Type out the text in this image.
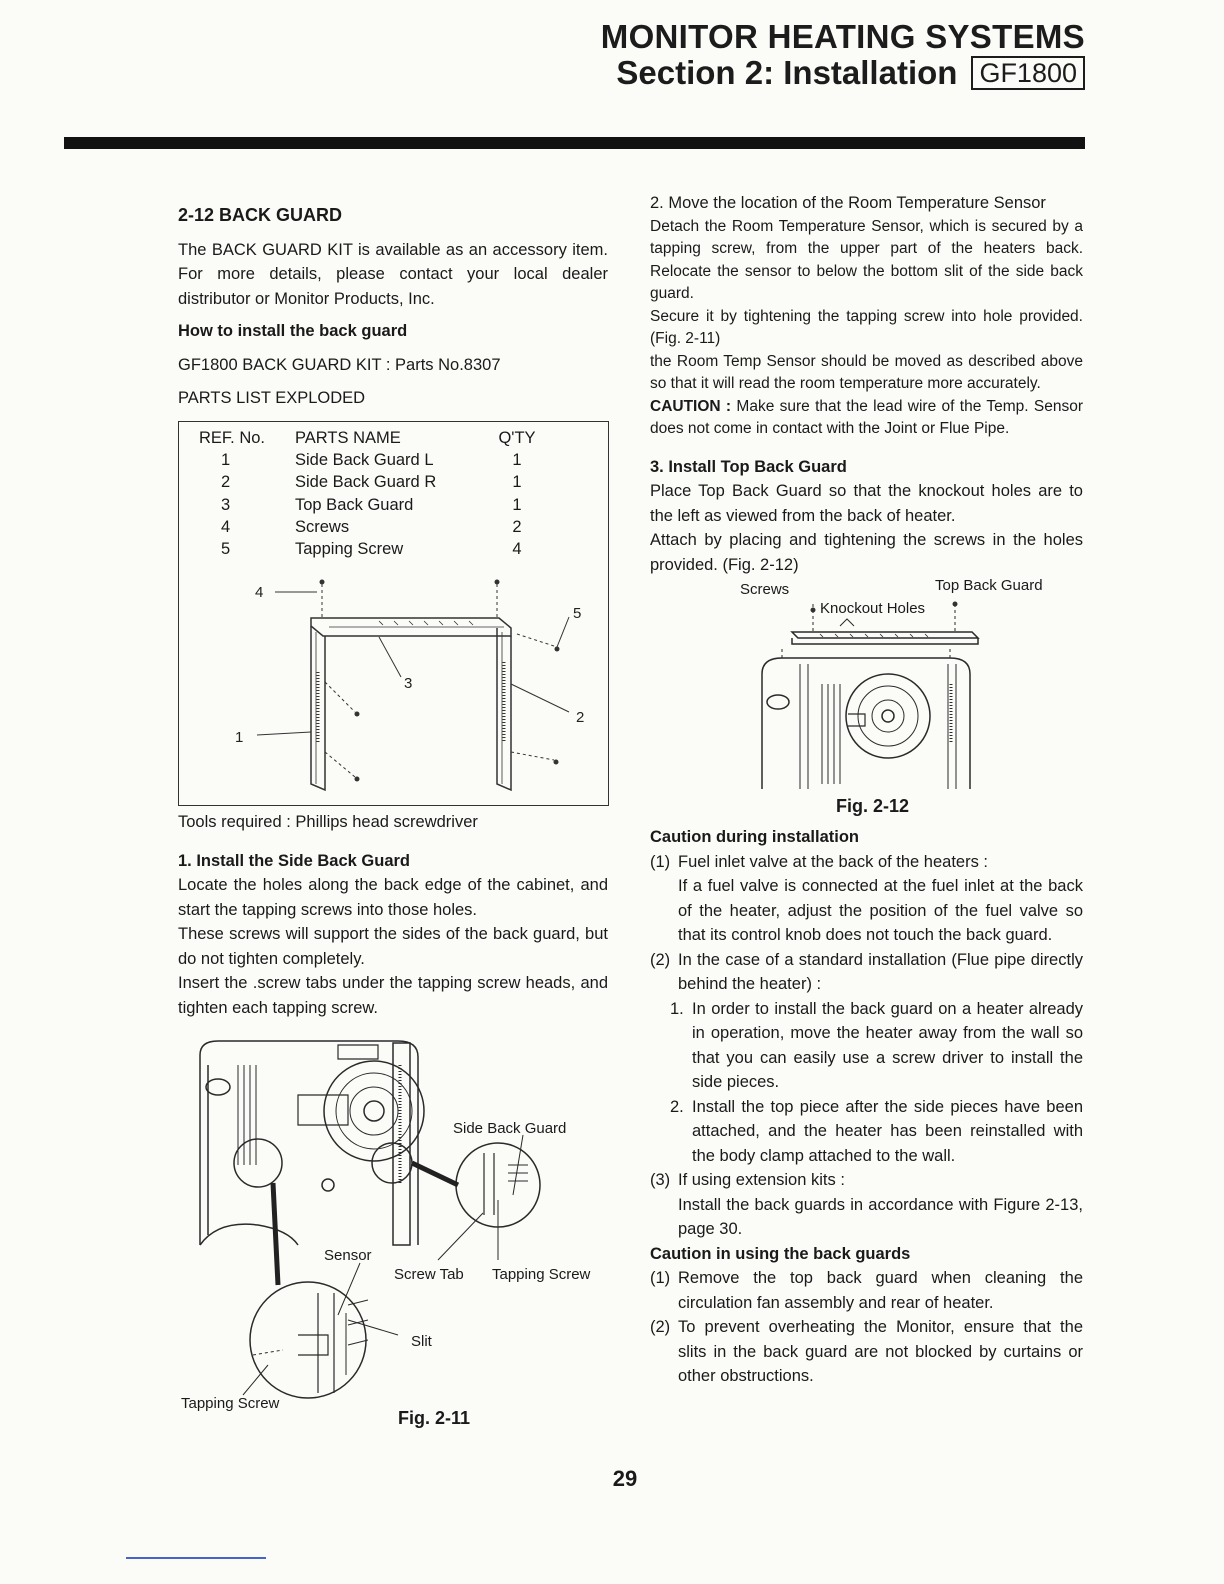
MONITOR HEATING SYSTEMS
Section 2: Installation GF1800

2-12 BACK GUARD

The BACK GUARD KIT is available as an accessory item. For more details, please contact your local dealer distributor or Monitor Products, Inc.

How to install the back guard

GF1800 BACK GUARD KIT : Parts No.8307

PARTS LIST EXPLODED

REF. No.	PARTS NAME	Q'TY
1	Side Back Guard L	1
2	Side Back Guard R	1
3	Top Back Guard	1
4	Screws	2
5	Tapping Screw	4
4
5
3
2
1

Tools required : Phillips head screwdriver

1. Install the Side Back Guard

Locate the holes along the back edge of the cabinet, and start the tapping screws into those holes.

These screws will support the sides of the back guard, but do not tighten completely.

Insert the .screw tabs under the tapping screw heads, and tighten each tapping screw.

Side Back Guard
Sensor
Screw Tab Tapping Screw
Slit
Tapping Screw
Fig. 2-11

2. Move the location of the Room Temperature Sensor

Detach the Room Temperature Sensor, which is secured by a tapping screw, from the upper part of the heaters back. Relocate the sensor to below the bottom slit of the side back guard.

Secure it by tightening the tapping screw into hole provided. (Fig. 2-11)

the Room Temp Sensor should be moved as described above so that it will read the room temperature more accurately.

CAUTION : Make sure that the lead wire of the Temp. Sensor does not come in contact with the Joint or Flue Pipe.

3. Install Top Back Guard

Place Top Back Guard so that the knockout holes are to the left as viewed from the back of heater.

Attach by placing and tightening the screws in the holes provided. (Fig. 2-12)

Screws
Knockout Holes
Top Back Guard
Fig. 2-12

Caution during installation

(1) Fuel inlet valve at the back of the heaters :

If a fuel valve is connected at the fuel inlet at the back of the heater, adjust the position of the fuel valve so that its control knob does not touch the back guard.

(2) In the case of a standard installation (Flue pipe directly behind the heater) :

1. In order to install the back guard on a heater already in operation, move the heater away from the wall so that you can easily use a screw driver to install the side pieces.

2. Install the top piece after the side pieces have been attached, and the heater has been reinstalled with the body clamp attached to the wall.

(3) If using extension kits :

Install the back guards in accordance with Figure 2-13, page 30.

Caution in using the back guards

(1) Remove the top back guard when cleaning the circulation fan assembly and rear of heater.

(2) To prevent overheating the Monitor, ensure that the slits in the back guard are not blocked by curtains or other obstructions.

29
